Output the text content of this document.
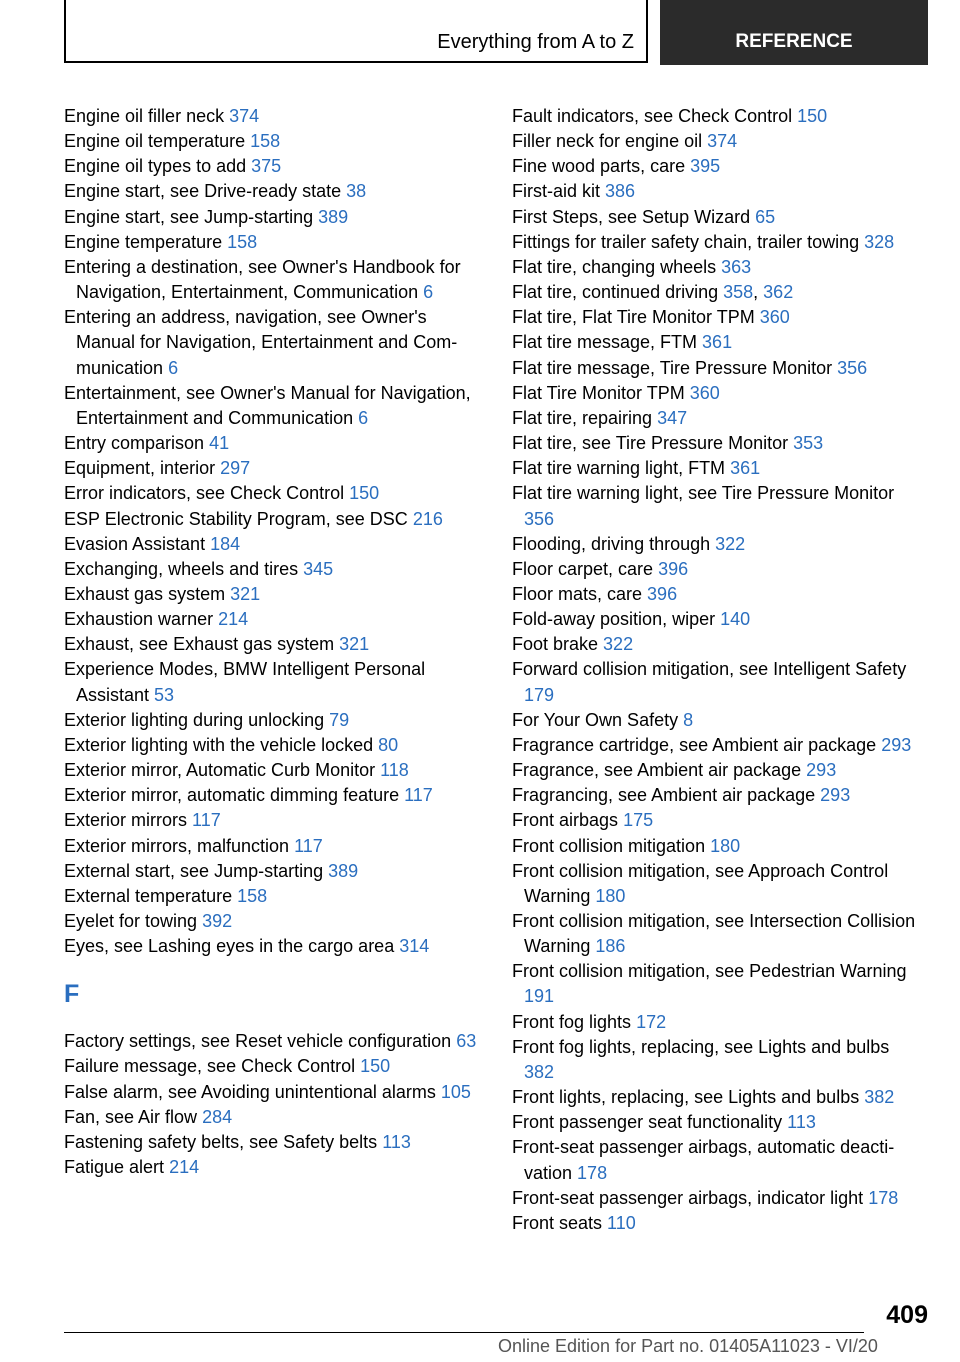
Everything from A to Z	REFERENCE

Engine oil filler neck 374

Engine oil temperature 158

Engine oil types to add 375

Engine start, see Drive-ready state 38

Engine start, see Jump-starting 389

Engine temperature 158

Entering a destination, see Owner's Handbook for Navigation, Entertainment, Communication 6

Entering an address, navigation, see Owner's Manual for Navigation, Entertainment and Communication 6

Entertainment, see Owner's Manual for Navigation, Entertainment and Communication 6

Entry comparison 41

Equipment, interior 297

Error indicators, see Check Control 150

ESP Electronic Stability Program, see DSC 216

Evasion Assistant 184

Exchanging, wheels and tires 345

Exhaust gas system 321

Exhaustion warner 214

Exhaust, see Exhaust gas system 321

Experience Modes, BMW Intelligent Personal Assistant 53

Exterior lighting during unlocking 79

Exterior lighting with the vehicle locked 80

Exterior mirror, Automatic Curb Monitor 118

Exterior mirror, automatic dimming feature 117

Exterior mirrors 117

Exterior mirrors, malfunction 117

External start, see Jump-starting 389

External temperature 158

Eyelet for towing 392

Eyes, see Lashing eyes in the cargo area 314

F

Factory settings, see Reset vehicle configuration 63

Failure message, see Check Control 150

False alarm, see Avoiding unintentional alarms 105

Fan, see Air flow 284

Fastening safety belts, see Safety belts 113

Fatigue alert 214

Fault indicators, see Check Control 150

Filler neck for engine oil 374

Fine wood parts, care 395

First-aid kit 386

First Steps, see Setup Wizard 65

Fittings for trailer safety chain, trailer towing 328

Flat tire, changing wheels 363

Flat tire, continued driving 358, 362

Flat tire, Flat Tire Monitor TPM 360

Flat tire message, FTM 361

Flat tire message, Tire Pressure Monitor 356

Flat Tire Monitor TPM 360

Flat tire, repairing 347

Flat tire, see Tire Pressure Monitor 353

Flat tire warning light, FTM 361

Flat tire warning light, see Tire Pressure Monitor 356

Flooding, driving through 322

Floor carpet, care 396

Floor mats, care 396

Fold-away position, wiper 140

Foot brake 322

Forward collision mitigation, see Intelligent Safety 179

For Your Own Safety 8

Fragrance cartridge, see Ambient air package 293

Fragrance, see Ambient air package 293

Fragrancing, see Ambient air package 293

Front airbags 175

Front collision mitigation 180

Front collision mitigation, see Approach Control Warning 180

Front collision mitigation, see Intersection Collision Warning 186

Front collision mitigation, see Pedestrian Warning 191

Front fog lights 172

Front fog lights, replacing, see Lights and bulbs 382

Front lights, replacing, see Lights and bulbs 382

Front passenger seat functionality 113

Front-seat passenger airbags, automatic deactivation 178

Front-seat passenger airbags, indicator light 178

Front seats 110

409
Online Edition for Part no. 01405A11023 - VI/20
